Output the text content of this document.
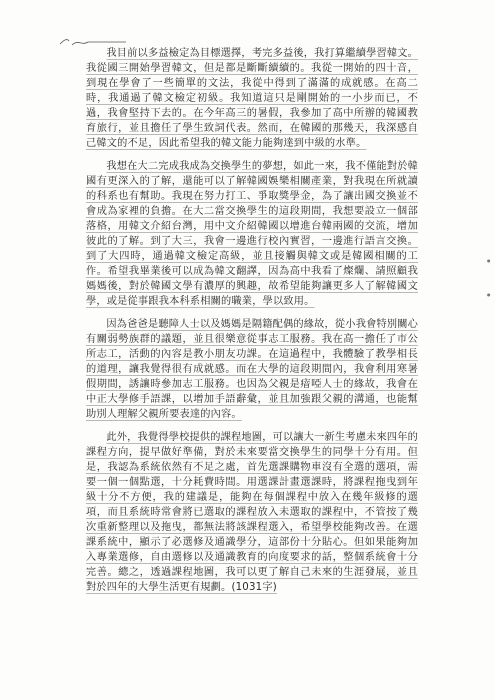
我目前以多益檢定為目標選擇，考完多益後，我打算繼續學習韓文。我從國三開始學習韓文，但是都是斷斷續續的。我從一開始的四十音，到現在學會了一些簡單的文法，我從中得到了滿滿的成就感。在高二時，我通過了韓文檢定初級。我知道這只是剛開始的一小步而已，不過，我會堅持下去的。在今年高三的暑假，我參加了高中所辦的韓國教育旅行，並且擔任了學生致詞代表。然而，在韓國的那幾天，我深感自己韓文的不足，因此希望我的韓文能力能夠達到中級的水準。

我想在大二完成我成為交換學生的夢想，如此一來，我不僅能對於韓國有更深入的了解，還能可以了解韓國娛樂相關產業，對我現在所就讀的科系也有幫助。我現在努力打工、爭取獎學金，為了讓出國交換並不會成為家裡的負擔。在大二當交換學生的這段期間，我想要設立一個部落格，用韓文介紹台灣，用中文介紹韓國以增進台韓兩國的交流，增加彼此的了解。到了大三，我會一邊進行校內實習，一邊進行語言交換。到了大四時，通過韓文檢定高級，並且接觸與韓文或是韓國相關的工作。希望我畢業後可以成為韓文翻譯，因為高中我看了燦爛、請照顧我媽媽後，對於韓國文學有濃厚的興趣，故希望能夠讓更多人了解韓國文學，或是從事跟我本科系相關的職業，學以致用。

因為爸爸是聽障人士以及媽媽是隔籍配偶的緣故，從小我會特別關心有關弱勢族群的議題，並且很樂意從事志工服務。我在高一擔任了市公所志工，活動的內容是教小朋友功課。在這過程中，我體驗了教學相長的道理，讓我覺得很有成就感。而在大學的這段期間內，我會利用寒暑假期間，誘讓時參加志工服務。也因為父親是瘖啞人士的緣故，我會在中正大學修手語課，以增加手語辭彙，並且加強跟父親的溝通，也能幫助別人理解父親所要表達的內容。

此外，我覺得學校提供的課程地圖，可以讓大一新生考慮未來四年的課程方向，提早做好準備，對於未來要當交換學生的同學十分有用。但是，我認為系統依然有不足之處，首先選課購物車沒有全選的選項，需要一個一個點選，十分耗費時間。用選課計畫選課時，將課程拖曳到年級十分不方便，我的建議是，能夠在每個課程中放入在幾年級修的選項，而且系統時常會將已選取的課程放入未選取的課程中，不管按了幾次重新整理以及拖曳，都無法將該課程選入，希望學校能夠改善。在選課系統中，顯示了必選修及通識學分，這部份十分貼心。但如果能夠加入專業選修，自由選修以及通識教育的向度要求的話，整個系統會十分完善。總之，透過課程地圖，我可以更了解自己未來的生涯發展，並且對於四年的大學生活更有規劃。(1031字)

●
●
